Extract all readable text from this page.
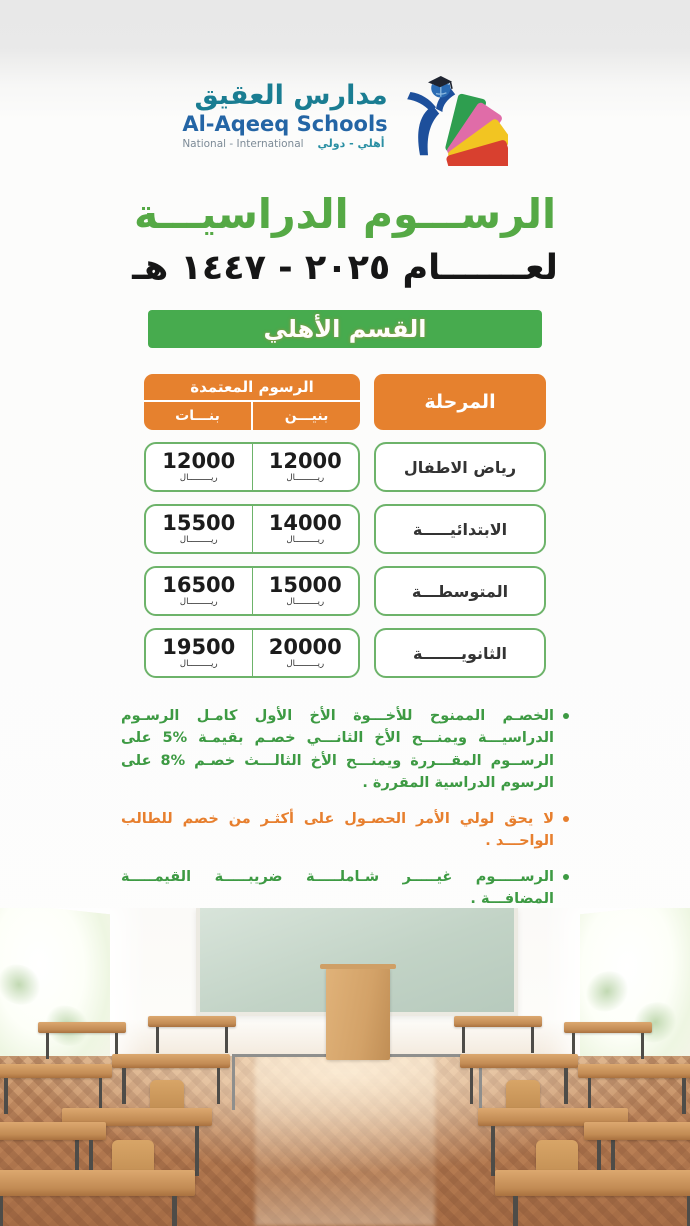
مدارس العقيق
Al-Aqeeq Schools
National - International أهلي - دولي
الرســـوم الدراسيـــة
لعـــــــام ٢٠٢٥ - ١٤٤٧ هـ
القسم الأهلي
المرحلة
الرسوم المعتمدة
بنيـــن
بنـــات
رياض الاطفال
12000
ريـــــــــال
12000
ريـــــــــال
الابتدائيـــــة
14000
ريـــــــــال
15500
ريـــــــــال
المتوسطـــة
15000
ريـــــــــال
16500
ريـــــــــال
الثانويـــــــة
20000
ريـــــــــال
19500
ريـــــــــال
الخصـم الممنوح للأخـــوة الأخ الأول كامـل الرسـوم الدراسيـــة ويمنـــح الأخ الثانـــي خصـم بقيمـة %5 على الرســوم المقـــررة ويمنـــح الأخ الثالـــث خصـم %8 على الرسوم الدراسية المقررة .
لا يحق لولي الأمر الحصـول على أكثـر من خصم للطالب الواحـــد .
الرســـــوم غيـــــر شـاملـــــة ضريبـــــة القيمـــــة المضافـــة .
